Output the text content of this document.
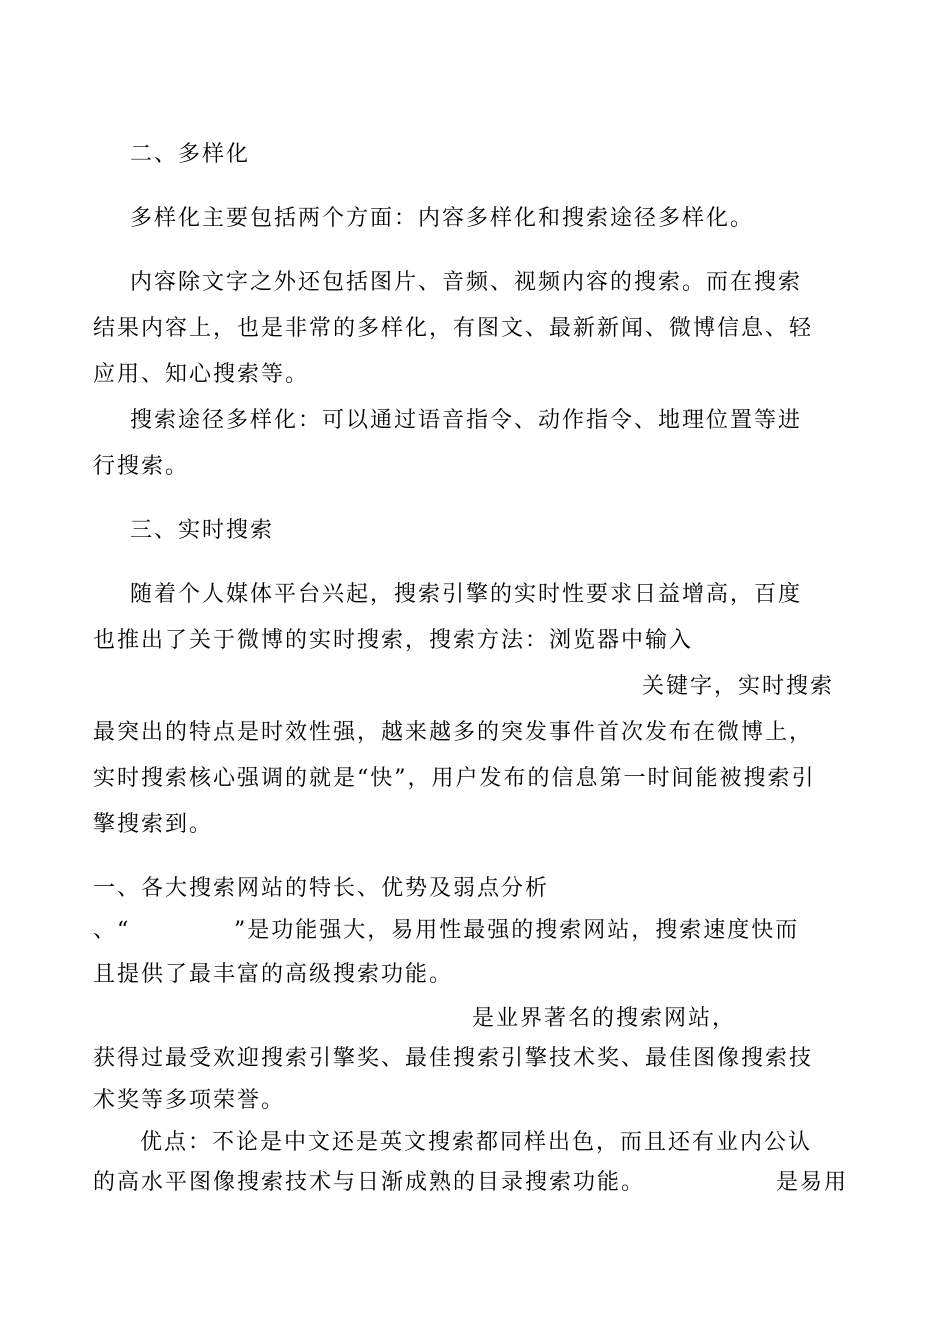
二、多样化
多样化主要包括两个方面：内容多样化和搜索途径多样化。
内容除文字之外还包括图片、音频、视频内容的搜索。而在搜索
结果内容上，也是非常的多样化，有图文、最新新闻、微博信息、轻
应用、知心搜索等。
搜索途径多样化：可以通过语音指令、动作指令、地理位置等进
行搜索。
三、实时搜索
随着个人媒体平台兴起，搜索引擎的实时性要求日益增高，百度
也推出了关于微博的实时搜索，搜索方法：浏览器中输入
关键字，实时搜索
最突出的特点是时效性强，越来越多的突发事件首次发布在微博上，
实时搜索核心强调的就是“快”，用户发布的信息第一时间能被搜索引
擎搜索到。
一、各大搜索网站的特长、优势及弱点分析
、“	”是功能强大，易用性最强的搜索网站，搜索速度快而
且提供了最丰富的高级搜索功能。
是业界著名的搜索网站，
获得过最受欢迎搜索引擎奖、最佳搜索引擎技术奖、最佳图像搜索技
术奖等多项荣誉。
优点：不论是中文还是英文搜索都同样出色，而且还有业内公认
的高水平图像搜索技术与日渐成熟的目录搜索功能。	是易用
